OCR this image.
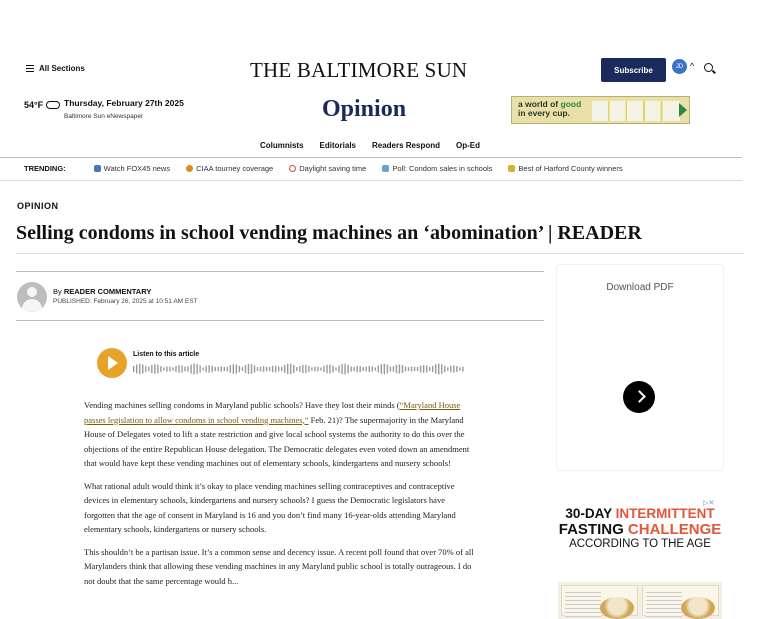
All Sections	THE BALTIMORE SUN	Subscribe	JD ^
54°F Thursday, February 27th 2025
Baltimore Sun eNewspaper	Opinion	a world of good
in every cup.
Columnists Editorials Readers Respond Op-Ed
TRENDING:	Watch FOX45 news	CIAA tourney coverage	Daylight saving time	Poll: Condom sales in schools	Best of Harford County winners
OPINION
Selling condoms in school vending machines an ‘abomination’ | READER
By READER COMMENTARY
PUBLISHED: February 26, 2025 at 10:51 AM EST
Listen to this article

Vending machines selling condoms in Maryland public schools? Have they lost their minds (“Maryland House passes legislation to allow condoms in school vending machines,” Feb. 21)? The supermajority in the Maryland House of Delegates voted to lift a state restriction and give local school systems the authority to do this over the objections of the entire Republican House delegation. The Democratic delegates even voted down an amendment that would have kept these vending machines out of elementary schools, kindergartens and nursery schools!

What rational adult would think it’s okay to place vending machines selling contraceptives and contraceptive devices in elementary schools, kindergartens and nursery schools? I guess the Democratic legislators have forgotten that the age of consent in Maryland is 16 and you don’t find many 16-year-olds attending Maryland elementary schools, kindergartens or nursery schools.

This shouldn’t be a partisan issue. It’s a common sense and decency issue. A recent poll found that over 70% of all Marylanders think that allowing these vending machines in any Maryland public school is totally outrageous. I do not doubt that the same percentage would h...

Download PDF
▷✕
30-DAY INTERMITTENT
FASTING CHALLENGE
ACCORDING TO THE AGE
